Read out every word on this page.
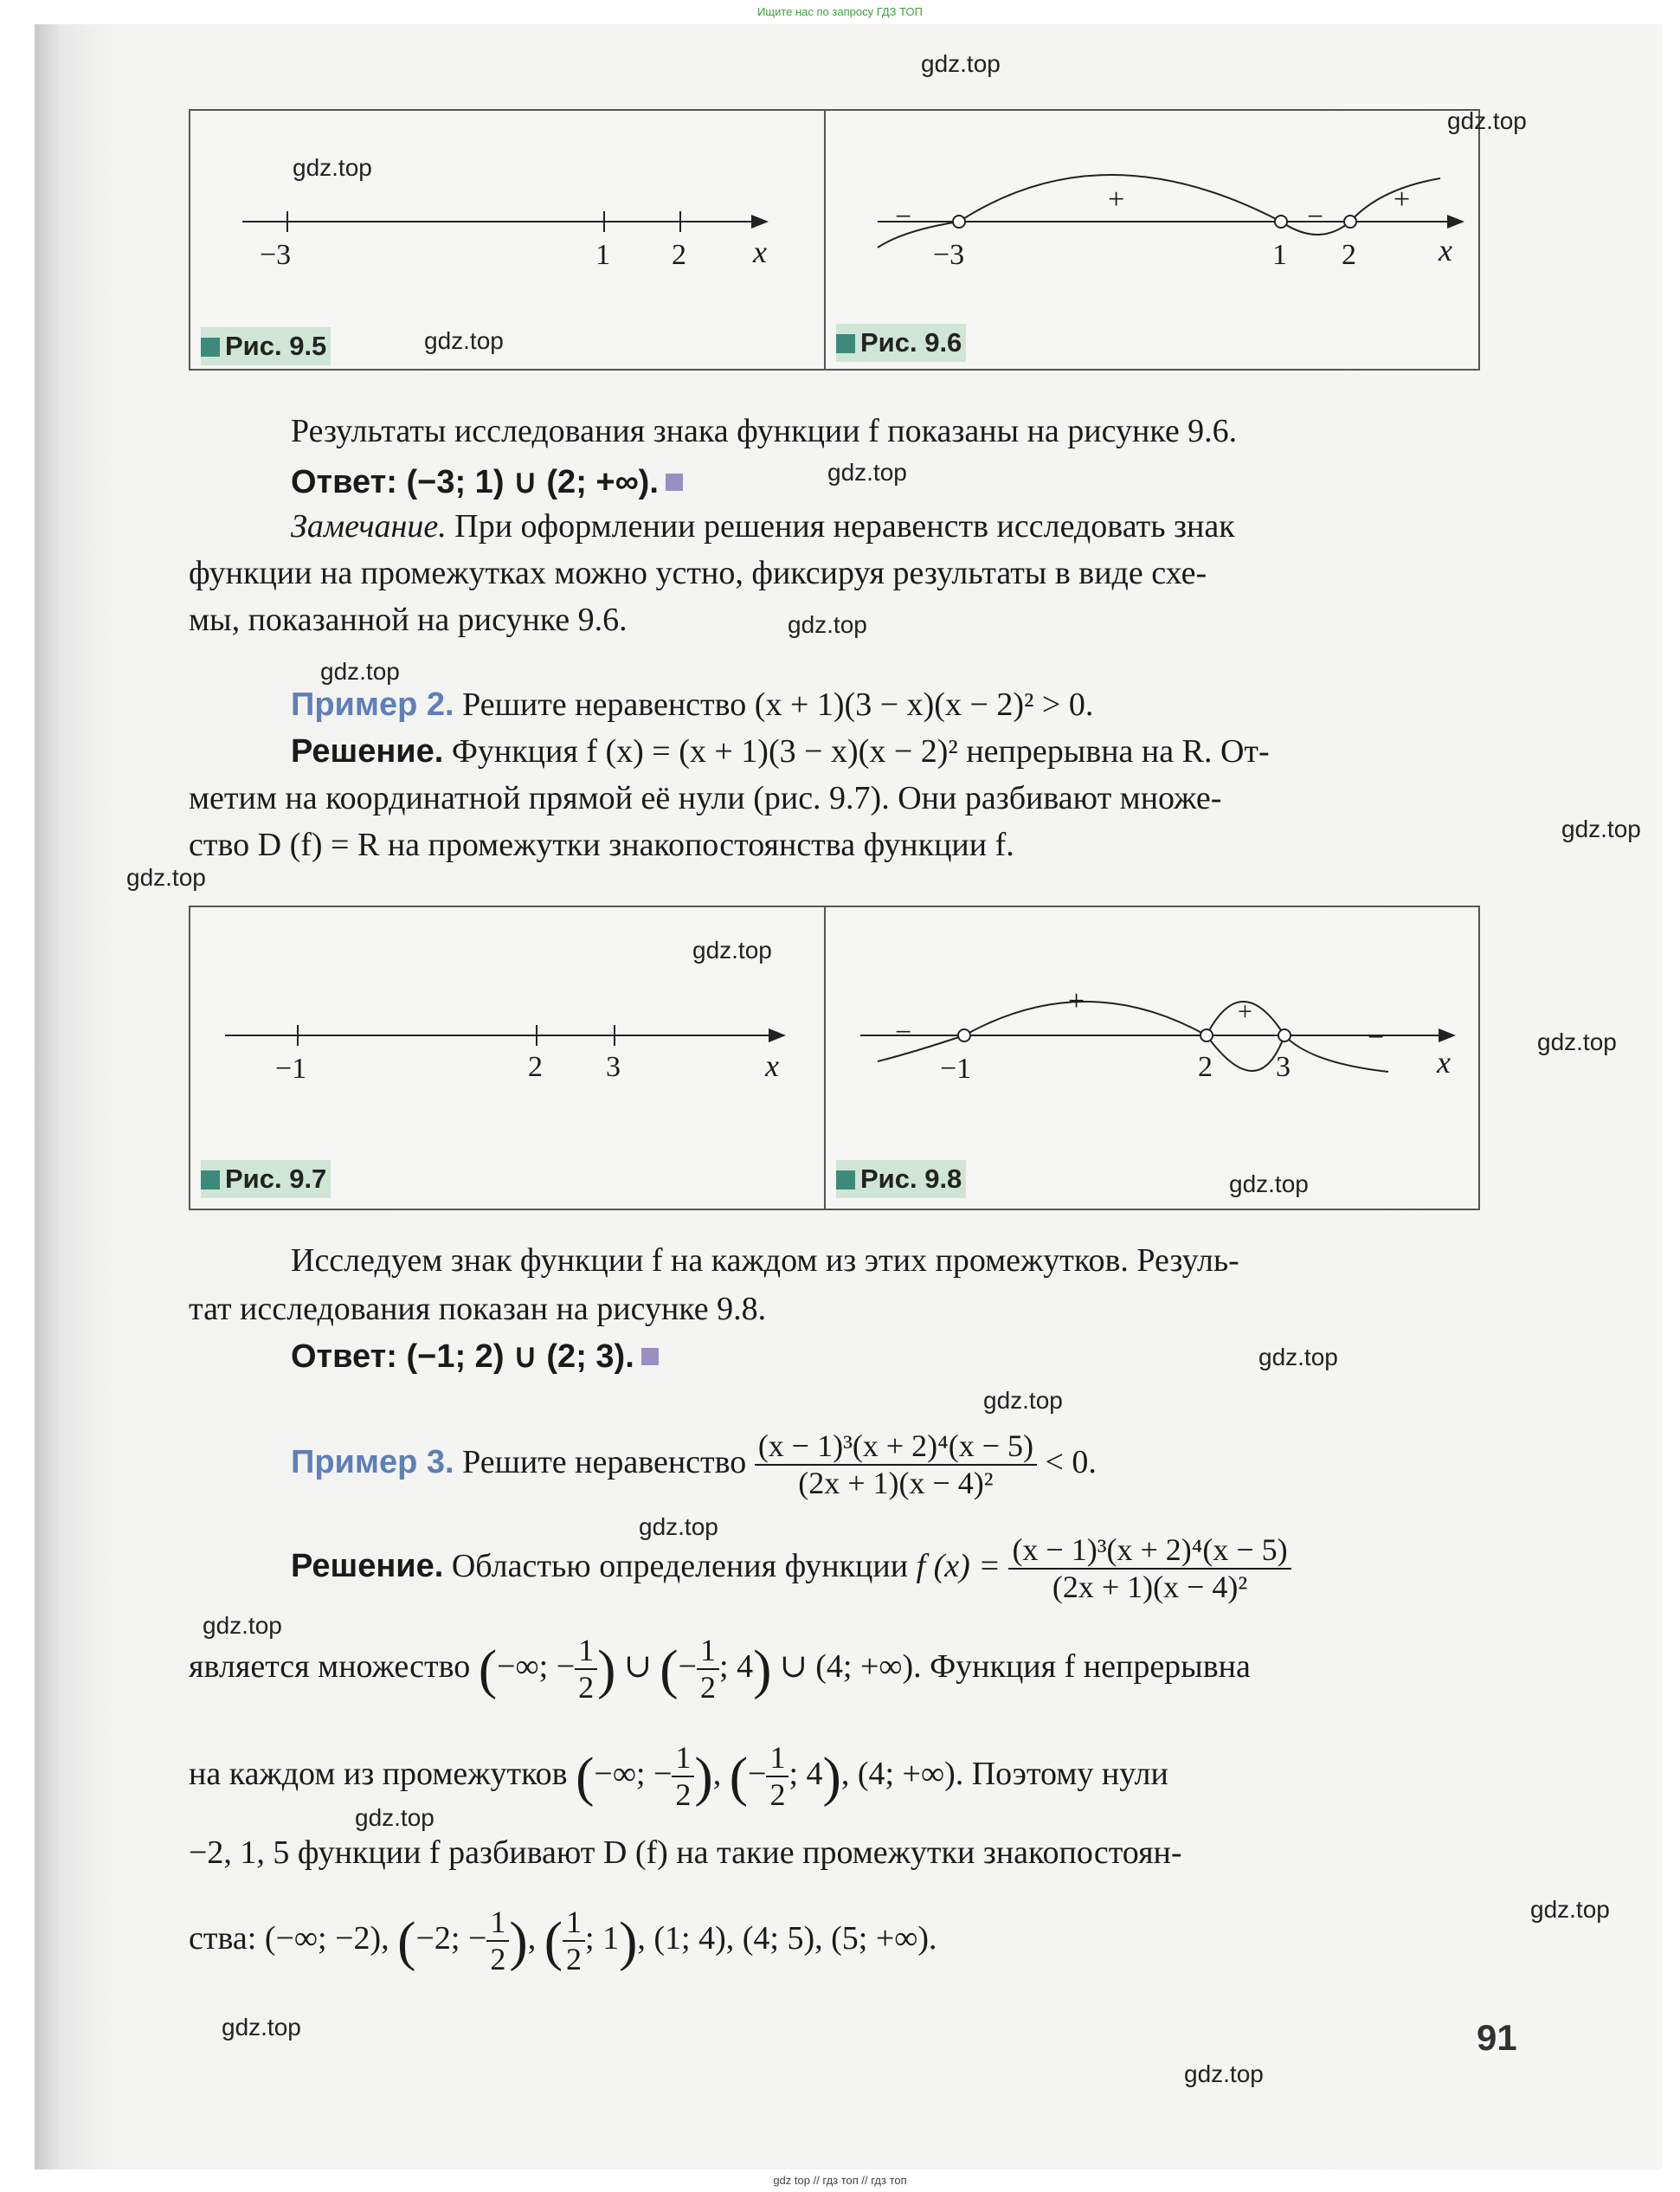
Ищите нас по запросу ГДЗ ТОП
−3	1 2 x
Рис. 9.5
−
+
−
+
−3	1 2	x
Рис. 9.6
Результаты исследования знака функции f показаны на рисунке 9.6.
Ответ: (−3; 1) ∪ (2; +∞).
Замечание. При оформлении решения неравенств исследовать знак
функции на промежутках можно устно, фиксируя результаты в виде схе-
мы, показанной на рисунке 9.6.
Пример 2. Решите неравенство (x + 1)(3 − x)(x − 2)² > 0.
Решение. Функция f (x) = (x + 1)(3 − x)(x − 2)² непрерывна на R. От-
метим на координатной прямой её нули (рис. 9.7). Они разбивают множе-
ство D (f) = R на промежутки знакопостоянства функции f.
−1	2 3	x
Рис. 9.7
−
+	+
−
−1	2 3	x
Рис. 9.8
Исследуем знак функции f на каждом из этих промежутков. Резуль-
тат исследования показан на рисунке 9.8.
Ответ: (−1; 2) ∪ (2; 3).
Пример 3. Решите неравенство $\frac{\text{(x − 1)³(x + 2)⁴(x − 5)}}{\text{(2x + 1)(x − 4)²}} < 0$.
Решение. Областью определения функции f $(x) = \frac{\text{(x − 1)³(x + 2)⁴(x − 5)}}{\text{(2x + 1)(x − 4)²}}$
является множество (−∞; − $\frac{1}{2}$ ) ∪ (− $\frac{1}{2}$ ; 4) ∪ (4; +∞). Функция f непрерывна
на каждом из промежутков (−∞; − $\frac{1}{2}$ ), (− $\frac{1}{2}$ ; 4), (4; +∞). Поэтому нули
−2, 1, 5 функции f разбивают D (f) на такие промежутки знакопостоян-
ства: (−∞; −2), (−2; − $\frac{1}{2}$ ), ( $\frac{1}{2}$ ; 1), (1; 4), (4; 5), (5; +∞).
91
gdz.top
gdz.top
gdz.top
gdz.top
gdz.top
gdz.top
gdz.top
gdz.top
gdz.top
gdz.top
gdz.top
gdz.top
gdz.top
gdz.top
gdz.top
gdz.top
gdz.top
gdz.top
gdz.top
gdz.top
gdz top // гдз топ // гдз топ
